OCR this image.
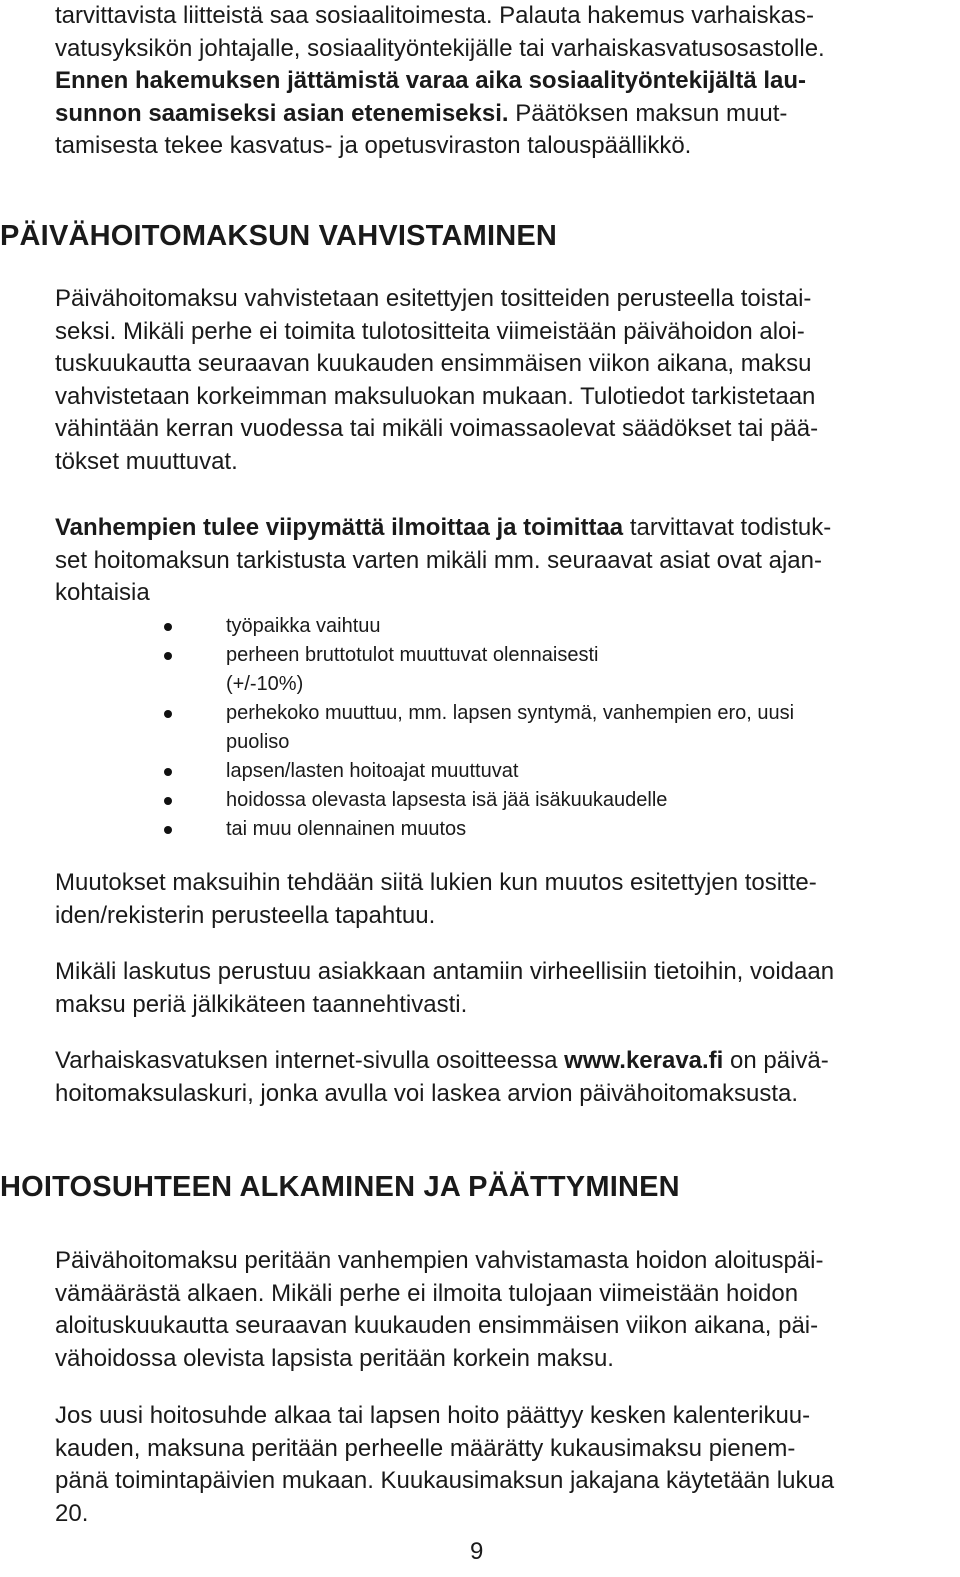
tarvittavista liitteistä saa sosiaalitoimesta. Palauta hakemus varhaiskas-
vatusyksikön johtajalle, sosiaalityöntekijälle tai varhaiskasvatusosastolle.
Ennen hakemuksen jättämistä varaa aika sosiaalityöntekijältä lau-
sunnon saamiseksi asian etenemiseksi. Päätöksen maksun muut-
tamisesta tekee kasvatus- ja opetusviraston talouspäällikkö.

PÄIVÄHOITOMAKSUN VAHVISTAMINEN

Päivähoitomaksu vahvistetaan esitettyjen tositteiden perusteella toistai-
seksi. Mikäli perhe ei toimita tulotositteita viimeistään päivähoidon aloi-
tuskuukautta seuraavan kuukauden ensimmäisen viikon aikana, maksu
vahvistetaan korkeimman maksuluokan mukaan. Tulotiedot tarkistetaan
vähintään kerran vuodessa tai mikäli voimassaolevat säädökset tai pää-
tökset muuttuvat.

Vanhempien tulee viipymättä ilmoittaa ja toimittaa tarvittavat todistuk-
set hoitomaksun tarkistusta varten mikäli mm. seuraavat asiat ovat ajan-
kohtaisia

työpaikka vaihtuu
perheen bruttotulot muuttuvat olennaisesti
(+/-10%)
perhekoko muuttuu, mm. lapsen syntymä, vanhempien ero, uusi
puoliso
lapsen/lasten hoitoajat muuttuvat
hoidossa olevasta lapsesta isä jää isäkuukaudelle
tai muu olennainen muutos

Muutokset maksuihin tehdään siitä lukien kun muutos esitettyjen tositte-
iden/rekisterin perusteella tapahtuu.

Mikäli laskutus perustuu asiakkaan antamiin virheellisiin tietoihin, voidaan
maksu periä jälkikäteen taannehtivasti.

Varhaiskasvatuksen internet-sivulla osoitteessa www.kerava.fi on päivä-
hoitomaksulaskuri, jonka avulla voi laskea arvion päivähoitomaksusta.

HOITOSUHTEEN ALKAMINEN JA PÄÄTTYMINEN

Päivähoitomaksu peritään vanhempien vahvistamasta hoidon aloituspäi-
vämäärästä alkaen. Mikäli perhe ei ilmoita tulojaan viimeistään hoidon
aloituskuukautta seuraavan kuukauden ensimmäisen viikon aikana, päi-
vähoidossa olevista lapsista peritään korkein maksu.

Jos uusi hoitosuhde alkaa tai lapsen hoito päättyy kesken kalenterikuu-
kauden, maksuna peritään perheelle määrätty kukausimaksu pienem-
pänä toimintapäivien mukaan. Kuukausimaksun jakajana käytetään lukua
20.

9
